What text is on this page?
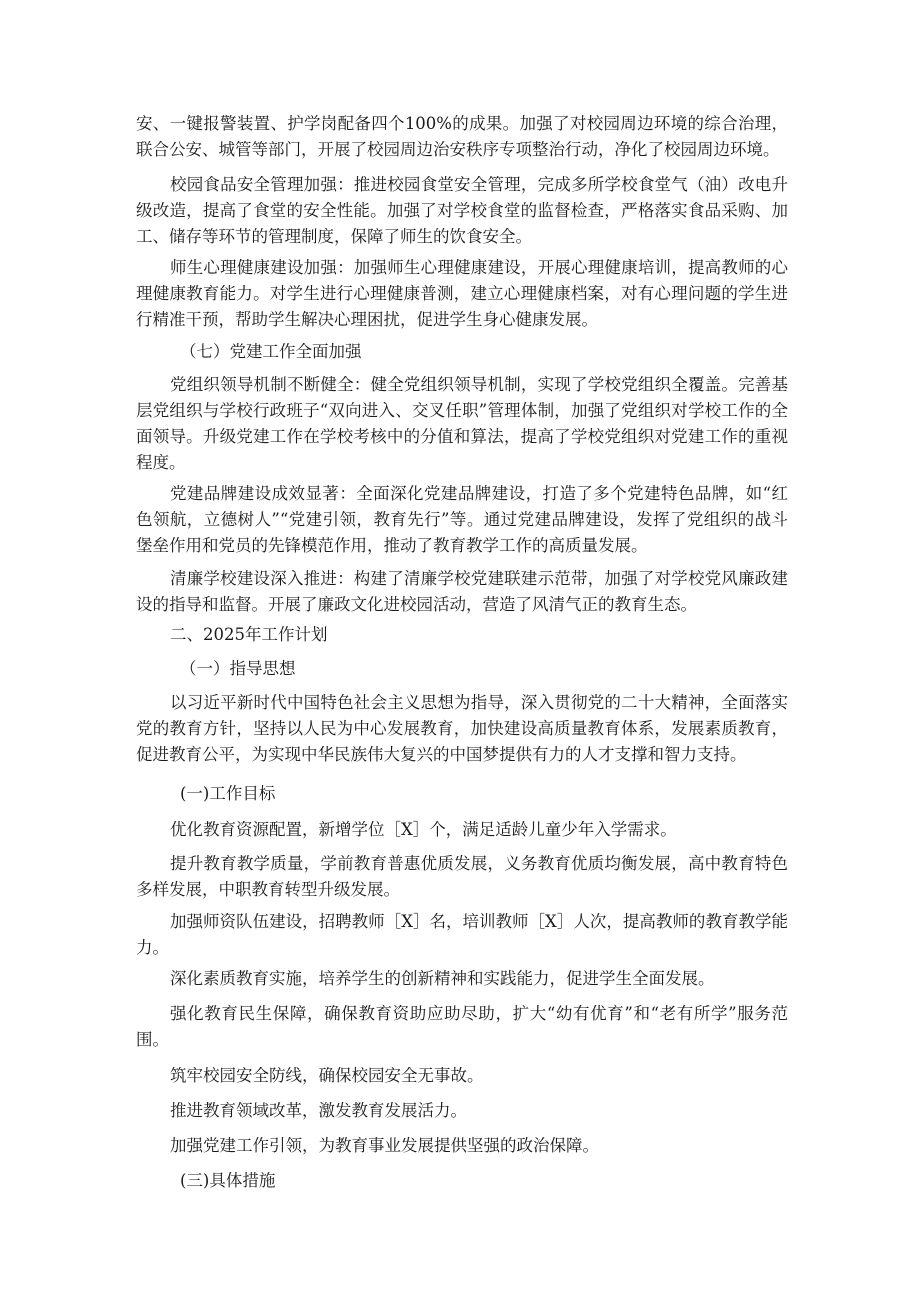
安、一键报警装置、护学岗配备四个100%的成果。加强了对校园周边环境的综合治理，联合公安、城管等部门，开展了校园周边治安秩序专项整治行动，净化了校园周边环境。

校园食品安全管理加强：推进校园食堂安全管理，完成多所学校食堂气（油）改电升级改造，提高了食堂的安全性能。加强了对学校食堂的监督检查，严格落实食品采购、加工、储存等环节的管理制度，保障了师生的饮食安全。

师生心理健康建设加强：加强师生心理健康建设，开展心理健康培训，提高教师的心理健康教育能力。对学生进行心理健康普测，建立心理健康档案，对有心理问题的学生进行精准干预，帮助学生解决心理困扰，促进学生身心健康发展。

（七）党建工作全面加强

党组织领导机制不断健全：健全党组织领导机制，实现了学校党组织全覆盖。完善基层党组织与学校行政班子“双向进入、交叉任职”管理体制，加强了党组织对学校工作的全面领导。升级党建工作在学校考核中的分值和算法，提高了学校党组织对党建工作的重视程度。

党建品牌建设成效显著：全面深化党建品牌建设，打造了多个党建特色品牌，如“红色领航，立德树人”“党建引领，教育先行”等。通过党建品牌建设，发挥了党组织的战斗堡垒作用和党员的先锋模范作用，推动了教育教学工作的高质量发展。

清廉学校建设深入推进：构建了清廉学校党建联建示范带，加强了对学校党风廉政建设的指导和监督。开展了廉政文化进校园活动，营造了风清气正的教育生态。

二、2025年工作计划

（一）指导思想

以习近平新时代中国特色社会主义思想为指导，深入贯彻党的二十大精神，全面落实党的教育方针，坚持以人民为中心发展教育，加快建设高质量教育体系，发展素质教育，促进教育公平，为实现中华民族伟大复兴的中国梦提供有力的人才支撑和智力支持。

(一)工作目标

优化教育资源配置，新增学位［X］个，满足适龄儿童少年入学需求。

提升教育教学质量，学前教育普惠优质发展，义务教育优质均衡发展，高中教育特色多样发展，中职教育转型升级发展。

加强师资队伍建设，招聘教师［X］名，培训教师［X］人次，提高教师的教育教学能力。

深化素质教育实施，培养学生的创新精神和实践能力，促进学生全面发展。

强化教育民生保障，确保教育资助应助尽助，扩大“幼有优育”和“老有所学”服务范围。

筑牢校园安全防线，确保校园安全无事故。

推进教育领域改革，激发教育发展活力。

加强党建工作引领，为教育事业发展提供坚强的政治保障。

(三)具体措施
